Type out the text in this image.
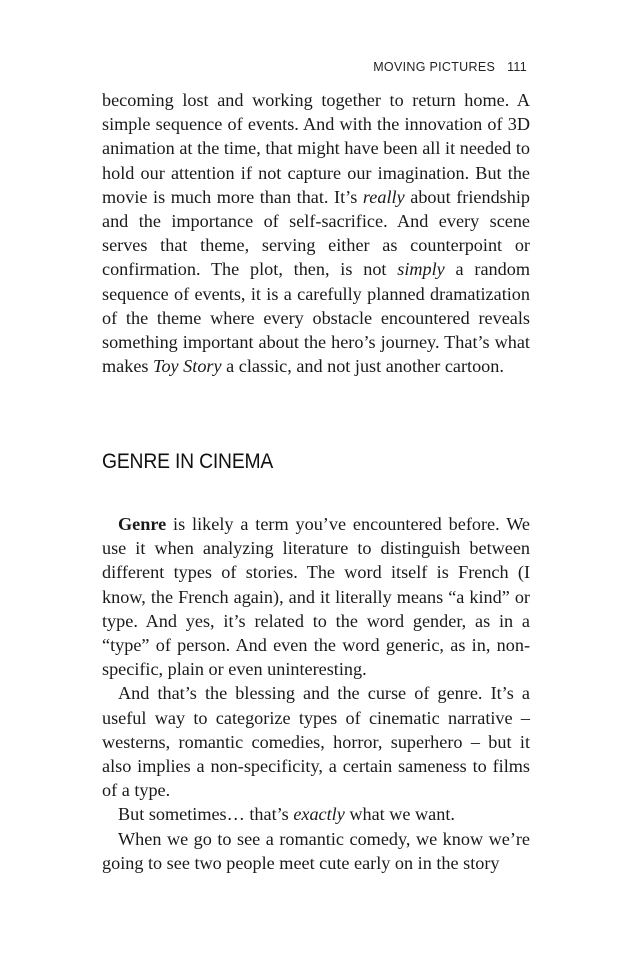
MOVING PICTURES 111

becoming lost and working together to return home. A simple sequence of events. And with the innovation of 3D animation at the time, that might have been all it needed to hold our attention if not capture our imagination. But the movie is much more than that. It’s really about friendship and the importance of self-sacrifice. And every scene serves that theme, serving either as counterpoint or confirmation. The plot, then, is not simply a random sequence of events, it is a carefully planned dramatization of the theme where every obstacle encountered reveals something important about the hero’s journey. That’s what makes Toy Story a classic, and not just another cartoon.

GENRE IN CINEMA

Genre is likely a term you’ve encountered before. We use it when analyzing literature to distinguish between different types of stories. The word itself is French (I know, the French again), and it literally means “a kind” or type. And yes, it’s related to the word gender, as in a “type” of person. And even the word generic, as in, non-specific, plain or even uninteresting.

And that’s the blessing and the curse of genre. It’s a useful way to categorize types of cinematic narrative – westerns, romantic comedies, horror, superhero – but it also implies a non-specificity, a certain sameness to films of a type.

But sometimes… that’s exactly what we want.

When we go to see a romantic comedy, we know we’re going to see two people meet cute early on in the story
